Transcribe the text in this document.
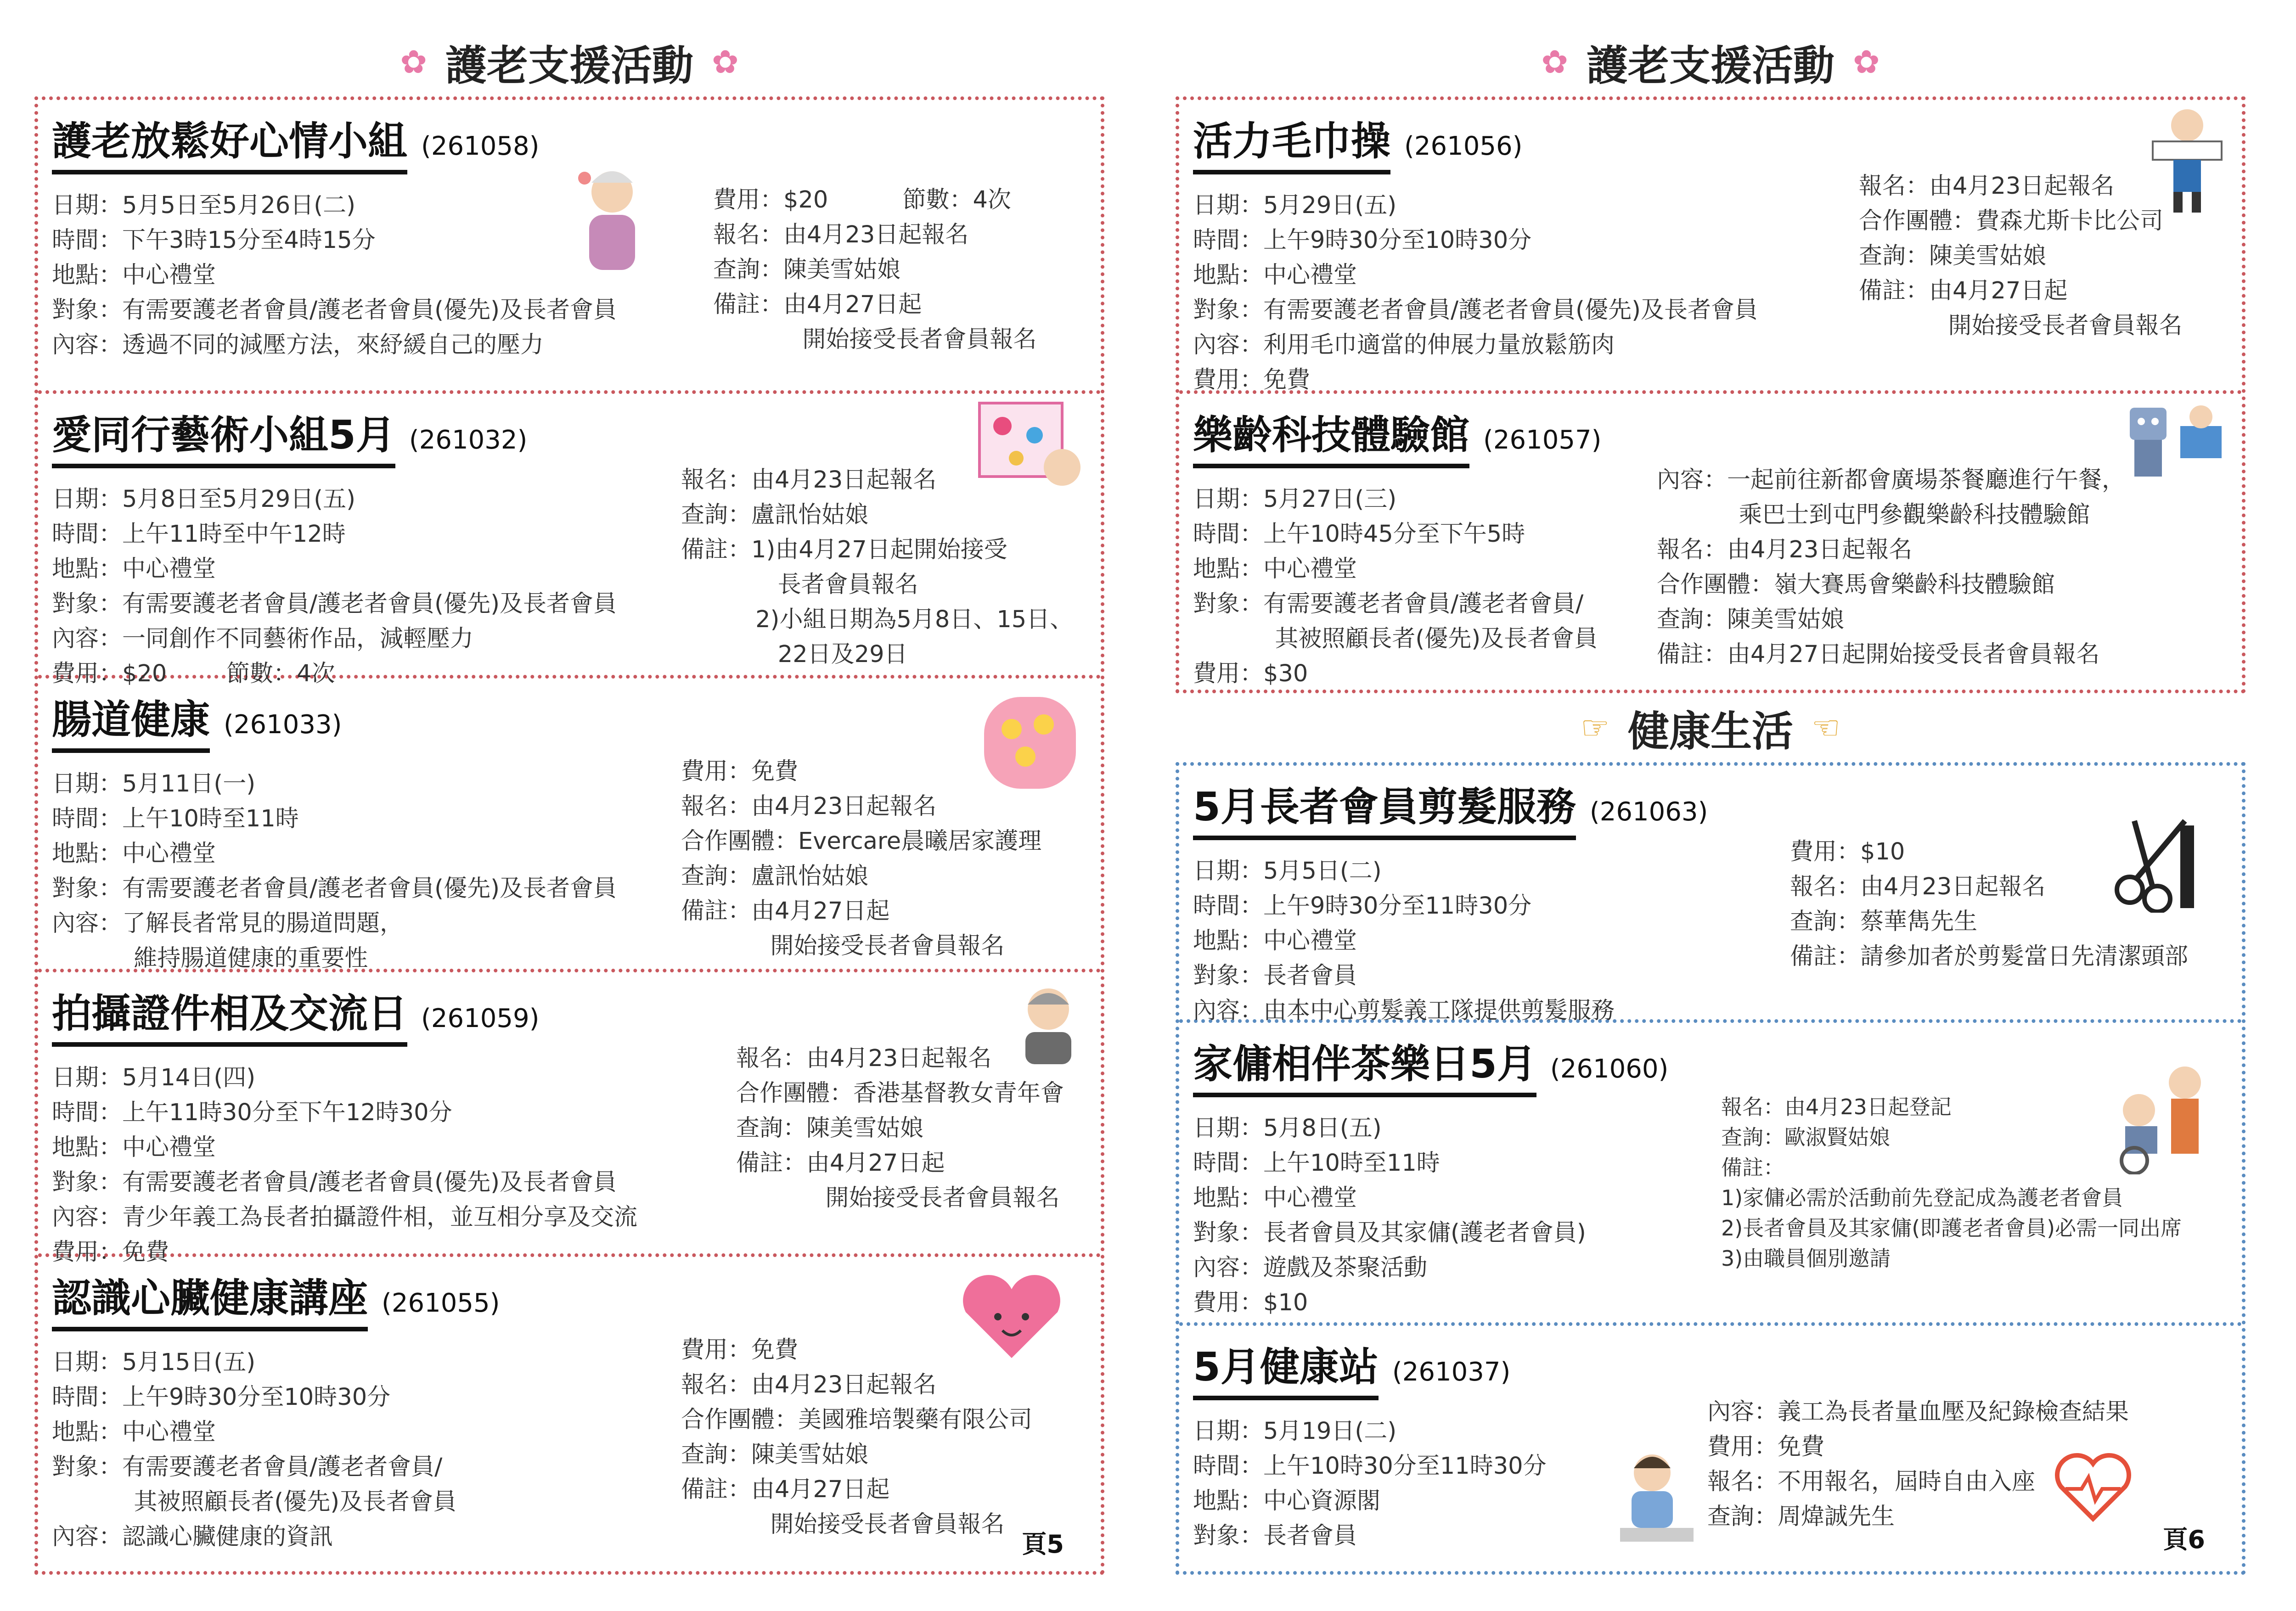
✿ 護老支援活動 ✿
護老放鬆好心情小組 (261058)
日期：5月5日至5月26日(二)
時間：下午3時15分至4時15分
地點：中心禮堂
對象：有需要護老者會員/護老者會員(優先)及長者會員
內容：透過不同的減壓方法，來紓緩自己的壓力
費用：$20          節數：4次
報名：由4月23日起報名
查詢：陳美雪姑娘
備註：由4月27日起
開始接受長者會員報名
愛同行藝術小組5月 (261032)
日期：5月8日至5月29日(五)
時間：上午11時至中午12時
地點：中心禮堂
對象：有需要護老者會員/護老者會員(優先)及長者會員
內容：一同創作不同藝術作品，減輕壓力
費用：$20        節數：4次
報名：由4月23日起報名
查詢：盧訊怡姑娘
備註：1)由4月27日起開始接受
長者會員報名
2)小組日期為5月8日、15日、
22日及29日
腸道健康 (261033)
日期：5月11日(一)
時間：上午10時至11時
地點：中心禮堂
對象：有需要護老者會員/護老者會員(優先)及長者會員
內容：了解長者常見的腸道問題，
維持腸道健康的重要性
費用：免費
報名：由4月23日起報名
合作團體：Evercare晨曦居家護理
查詢：盧訊怡姑娘
備註：由4月27日起
開始接受長者會員報名
拍攝證件相及交流日 (261059)
日期：5月14日(四)
時間：上午11時30分至下午12時30分
地點：中心禮堂
對象：有需要護老者會員/護老者會員(優先)及長者會員
內容：青少年義工為長者拍攝證件相，並互相分享及交流
費用：免費
報名：由4月23日起報名
合作團體：香港基督教女青年會
查詢：陳美雪姑娘
備註：由4月27日起
開始接受長者會員報名
認識心臟健康講座 (261055)
日期：5月15日(五)
時間：上午9時30分至10時30分
地點：中心禮堂
對象：有需要護老者會員/護老者會員/
其被照顧長者(優先)及長者會員
內容：認識心臟健康的資訊
費用：免費
報名：由4月23日起報名
合作團體：美國雅培製藥有限公司
查詢：陳美雪姑娘
備註：由4月27日起
開始接受長者會員報名
頁5
✿ 護老支援活動 ✿
活力毛巾操 (261056)
日期：5月29日(五)
時間：上午9時30分至10時30分
地點：中心禮堂
對象：有需要護老者會員/護老者會員(優先)及長者會員
內容：利用毛巾適當的伸展力量放鬆筋肉
費用：免費
報名：由4月23日起報名
合作團體：費森尤斯卡比公司
查詢：陳美雪姑娘
備註：由4月27日起
開始接受長者會員報名
樂齡科技體驗館 (261057)
日期：5月27日(三)
時間：上午10時45分至下午5時
地點：中心禮堂
對象：有需要護老者會員/護老者會員/
其被照顧長者(優先)及長者會員
費用：$30
內容：一起前往新都會廣場茶餐廳進行午餐，
乘巴士到屯門參觀樂齡科技體驗館
報名：由4月23日起報名
合作團體：嶺大賽馬會樂齡科技體驗館
查詢：陳美雪姑娘
備註：由4月27日起開始接受長者會員報名
☞ 健康生活 ☜
5月長者會員剪髮服務 (261063)
日期：5月5日(二)
時間：上午9時30分至11時30分
地點：中心禮堂
對象：長者會員
內容：由本中心剪髮義工隊提供剪髮服務
費用：$10
報名：由4月23日起報名
查詢：蔡華雋先生
備註：請參加者於剪髮當日先清潔頭部
家傭相伴茶樂日5月 (261060)
日期：5月8日(五)
時間：上午10時至11時
地點：中心禮堂
對象：長者會員及其家傭(護老者會員)
內容：遊戲及茶聚活動
費用：$10
報名：由4月23日起登記
查詢：歐淑賢姑娘
備註：
1)家傭必需於活動前先登記成為護老者會員
2)長者會員及其家傭(即護老者會員)必需一同出席
3)由職員個別邀請
5月健康站 (261037)
日期：5月19日(二)
時間：上午10時30分至11時30分
地點：中心資源閣
對象：長者會員
內容：義工為長者量血壓及紀錄檢查結果
費用：免費
報名：不用報名，屆時自由入座
查詢：周煒誠先生
頁6
